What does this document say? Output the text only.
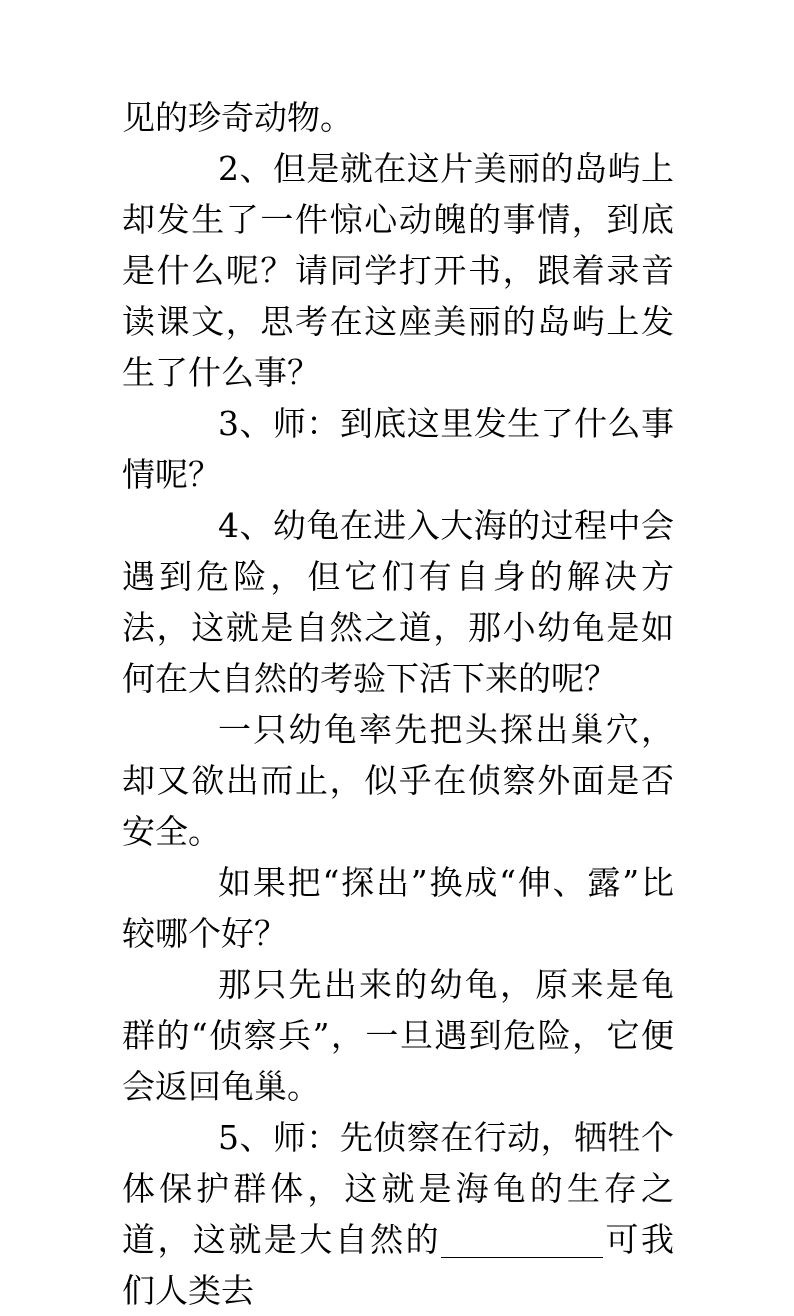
见的珍奇动物。

2、但是就在这片美丽的岛屿上却发生了一件惊心动魄的事情，到底是什么呢？请同学打开书，跟着录音读课文，思考在这座美丽的岛屿上发生了什么事？

3、师：到底这里发生了什么事情呢？

4、幼龟在进入大海的过程中会遇到危险，但它们有自身的解决方法，这就是自然之道，那小幼龟是如何在大自然的考验下活下来的呢？

一只幼龟率先把头探出巢穴，却又欲出而止，似乎在侦察外面是否安全。

如果把“探出”换成“伸、露”比较哪个好？

那只先出来的幼龟，原来是龟群的“侦察兵”，一旦遇到危险，它便会返回龟巢。

5、师：先侦察在行动，牺牲个体保护群体，这就是海龟的生存之道，这就是大自然的	可我们人类去
